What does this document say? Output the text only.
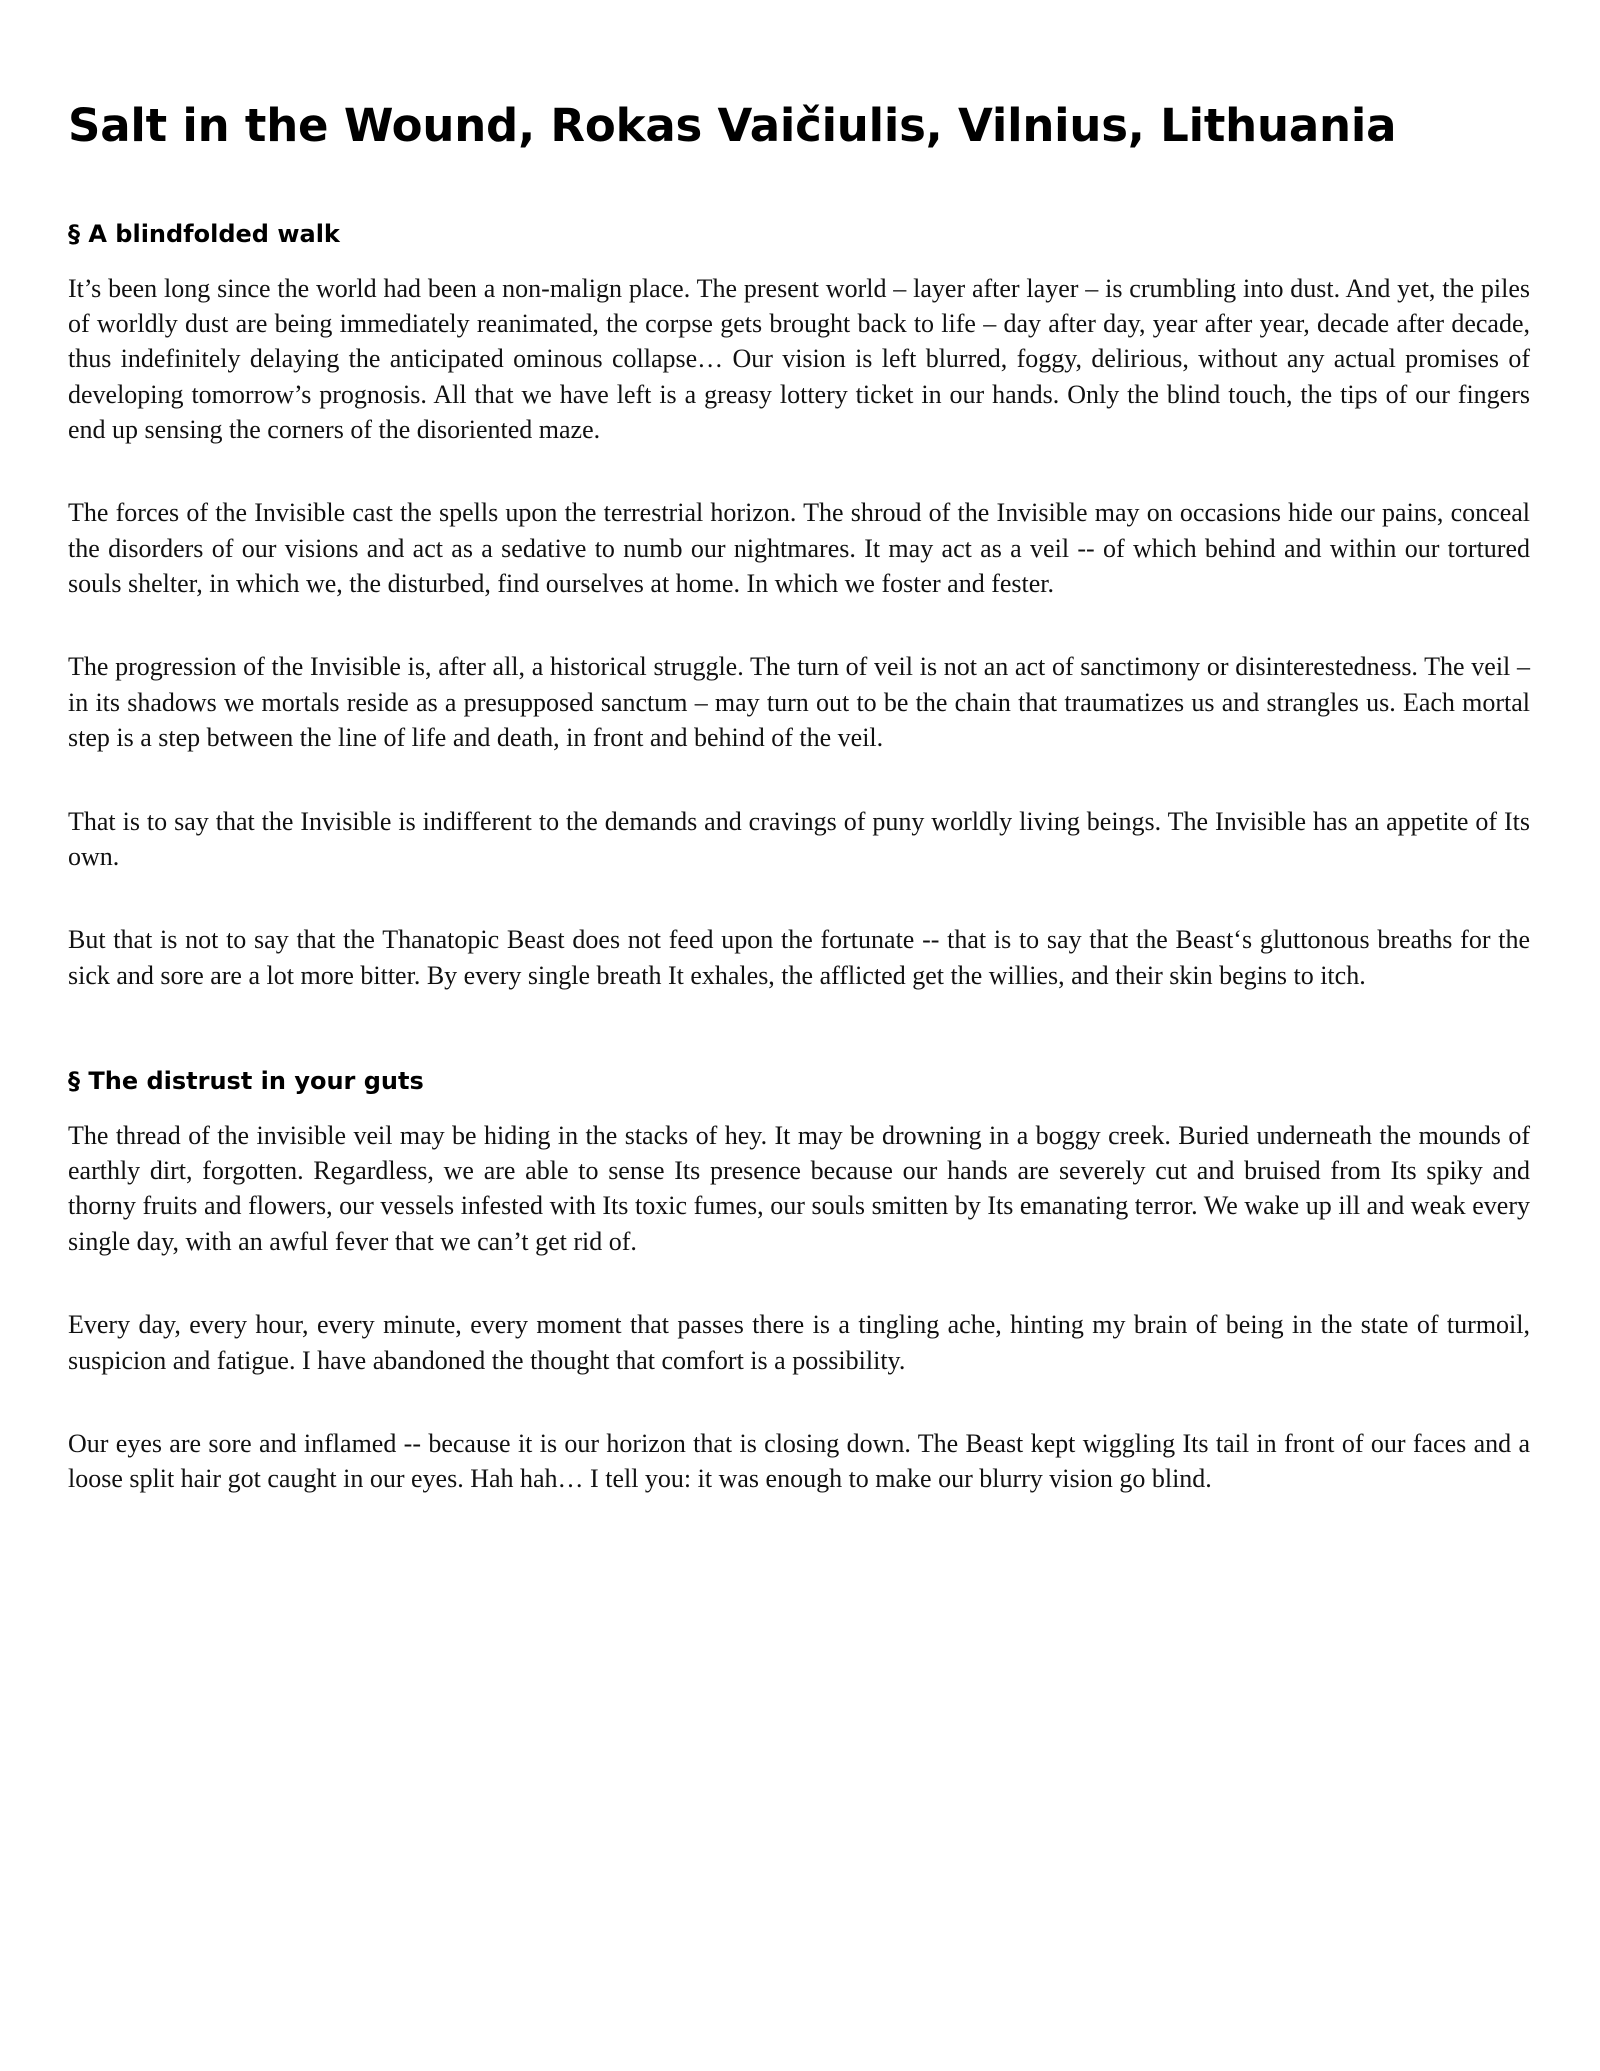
Salt in the Wound, Rokas Vaičiulis, Vilnius, Lithuania
§ A blindfolded walk

It’s been long since the world had been a non-malign place. The present world – layer after layer – is crumbling into dust. And yet, the piles of worldly dust are being immediately reanimated, the corpse gets brought back to life – day after day, year after year, decade after decade, thus indefinitely delaying the anticipated ominous collapse… Our vision is left blurred, foggy, delirious, without any actual promises of developing tomorrow’s prognosis. All that we have left is a greasy lottery ticket in our hands. Only the blind touch, the tips of our fingers end up sensing the corners of the disoriented maze.

The forces of the Invisible cast the spells upon the terrestrial horizon. The shroud of the Invisible may on occasions hide our pains, conceal the disorders of our visions and act as a sedative to numb our nightmares. It may act as a veil -- of which behind and within our tortured souls shelter, in which we, the disturbed, find ourselves at home. In which we foster and fester.

The progression of the Invisible is, after all, a historical struggle. The turn of veil is not an act of sanctimony or disinterestedness. The veil – in its shadows we mortals reside as a presupposed sanctum – may turn out to be the chain that traumatizes us and strangles us. Each mortal step is a step between the line of life and death, in front and behind of the veil.

That is to say that the Invisible is indifferent to the demands and cravings of puny worldly living beings. The Invisible has an appetite of Its own.

But that is not to say that the Thanatopic Beast does not feed upon the fortunate -- that is to say that the Beast‘s gluttonous breaths for the sick and sore are a lot more bitter. By every single breath It exhales, the afflicted get the willies, and their skin begins to itch.

§ The distrust in your guts

The thread of the invisible veil may be hiding in the stacks of hey. It may be drowning in a boggy creek. Buried underneath the mounds of earthly dirt, forgotten. Regardless, we are able to sense Its presence because our hands are severely cut and bruised from Its spiky and thorny fruits and flowers, our vessels infested with Its toxic fumes, our souls smitten by Its emanating terror. We wake up ill and weak every single day, with an awful fever that we can’t get rid of.

Every day, every hour, every minute, every moment that passes there is a tingling ache, hinting my brain of being in the state of turmoil, suspicion and fatigue. I have abandoned the thought that comfort is a possibility.

Our eyes are sore and inflamed -- because it is our horizon that is closing down. The Beast kept wiggling Its tail in front of our faces and a loose split hair got caught in our eyes. Hah hah… I tell you: it was enough to make our blurry vision go blind.
